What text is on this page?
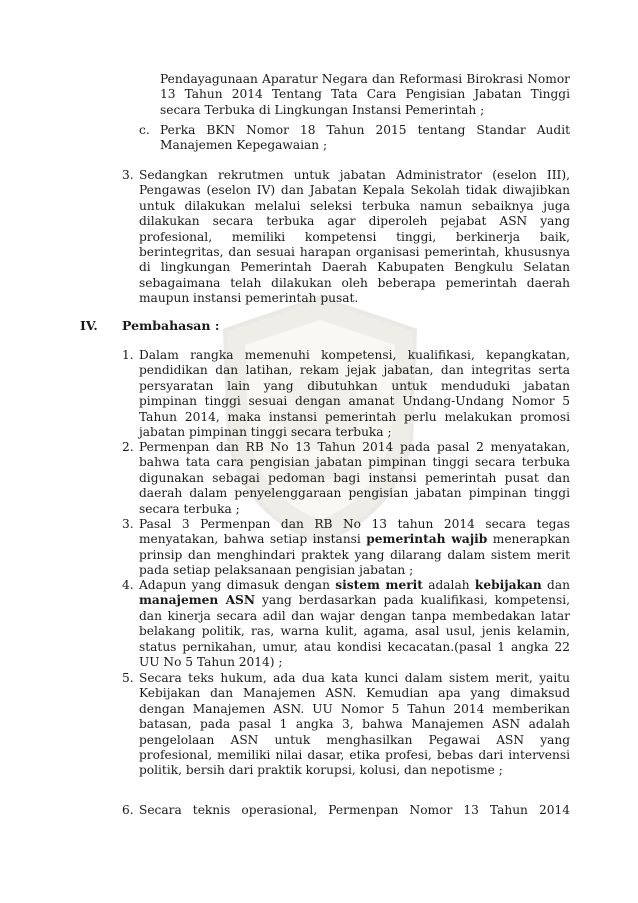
Pendayagunaan Aparatur Negara dan Reformasi Birokrasi Nomor 13 Tahun 2014 Tentang Tata Cara Pengisian Jabatan Tinggi secara Terbuka di Lingkungan Instansi Pemerintah ;

c. Perka BKN Nomor 18 Tahun 2015 tentang Standar Audit Manajemen Kepegawaian ;

3. Sedangkan rekrutmen untuk jabatan Administrator (eselon III), Pengawas (eselon IV) dan Jabatan Kepala Sekolah tidak diwajibkan untuk dilakukan melalui seleksi terbuka namun sebaiknya juga dilakukan secara terbuka agar diperoleh pejabat ASN yang profesional, memiliki kompetensi tinggi, berkinerja baik, berintegritas, dan sesuai harapan organisasi pemerintah, khususnya di lingkungan Pemerintah Daerah Kabupaten Bengkulu Selatan sebagaimana telah dilakukan oleh beberapa pemerintah daerah maupun instansi pemerintah pusat.

IV. Pembahasan :
1. Dalam rangka memenuhi kompetensi, kualifikasi, kepangkatan, pendidikan dan latihan, rekam jejak jabatan, dan integritas serta persyaratan lain yang dibutuhkan untuk menduduki jabatan pimpinan tinggi sesuai dengan amanat Undang-Undang Nomor 5 Tahun 2014, maka instansi pemerintah perlu melakukan promosi jabatan pimpinan tinggi secara terbuka ;

2. Permenpan dan RB No 13 Tahun 2014 pada pasal 2 menyatakan, bahwa tata cara pengisian jabatan pimpinan tinggi secara terbuka digunakan sebagai pedoman bagi instansi pemerintah pusat dan daerah dalam penyelenggaraan pengisian jabatan pimpinan tinggi secara terbuka ;

3. Pasal 3 Permenpan dan RB No 13 tahun 2014 secara tegas menyatakan, bahwa setiap instansi pemerintah wajib menerapkan prinsip dan menghindari praktek yang dilarang dalam sistem merit pada setiap pelaksanaan pengisian jabatan ;

4. Adapun yang dimasuk dengan sistem merit adalah kebijakan dan manajemen ASN yang berdasarkan pada kualifikasi, kompetensi, dan kinerja secara adil dan wajar dengan tanpa membedakan latar belakang politik, ras, warna kulit, agama, asal usul, jenis kelamin, status pernikahan, umur, atau kondisi kecacatan.(pasal 1 angka 22 UU No 5 Tahun 2014) ;

5. Secara teks hukum, ada dua kata kunci dalam sistem merit, yaitu Kebijakan dan Manajemen ASN. Kemudian apa yang dimaksud dengan Manajemen ASN. UU Nomor 5 Tahun 2014 memberikan batasan, pada pasal 1 angka 3, bahwa Manajemen ASN adalah pengelolaan ASN untuk menghasilkan Pegawai ASN yang profesional, memiliki nilai dasar, etika profesi, bebas dari intervensi politik, bersih dari praktik korupsi, kolusi, dan nepotisme ;

6. Secara teknis operasional, Permenpan Nomor 13 Tahun 2014
